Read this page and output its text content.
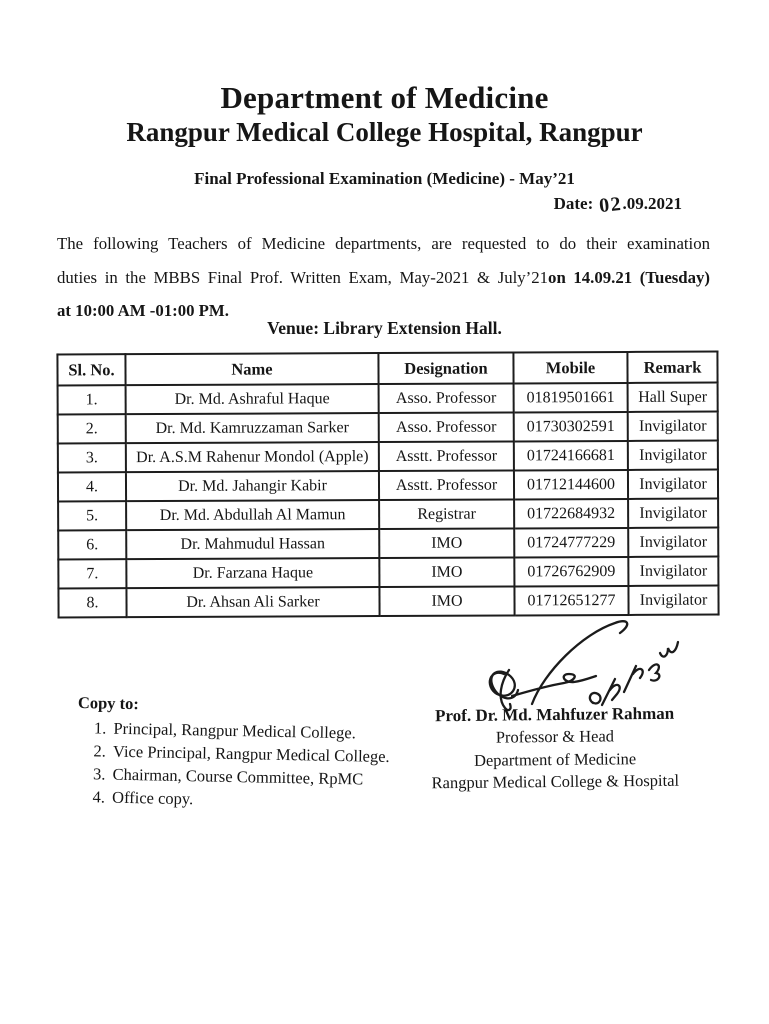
Department of Medicine
Rangpur Medical College Hospital, Rangpur
Final Professional Examination (Medicine) - May’21
Date: 02.09.2021
The following Teachers of Medicine departments, are requested to do their examination
duties in the MBBS Final Prof. Written Exam, May-2021 & July’21on 14.09.21 (Tuesday)
at 10:00 AM -01:00 PM.
Venue: Library Extension Hall.
Sl. No.	Name	Designation	Mobile	Remark
1.	Dr. Md. Ashraful Haque	Asso. Professor	01819501661	Hall Super
2.	Dr. Md. Kamruzzaman Sarker	Asso. Professor	01730302591	Invigilator
3.	Dr. A.S.M Rahenur Mondol (Apple)	Asstt. Professor	01724166681	Invigilator
4.	Dr. Md. Jahangir Kabir	Asstt. Professor	01712144600	Invigilator
5.	Dr. Md. Abdullah Al Mamun	Registrar	01722684932	Invigilator
6.	Dr. Mahmudul Hassan	IMO	01724777229	Invigilator
7.	Dr. Farzana Haque	IMO	01726762909	Invigilator
8.	Dr. Ahsan Ali Sarker	IMO	01712651277	Invigilator
Prof. Dr. Md. Mahfuzer Rahman
Professor & Head
Department of Medicine
Rangpur Medical College & Hospital
Copy to:
1. Principal, Rangpur Medical College.
2. Vice Principal, Rangpur Medical College.
3. Chairman, Course Committee, RpMC
4. Office copy.
